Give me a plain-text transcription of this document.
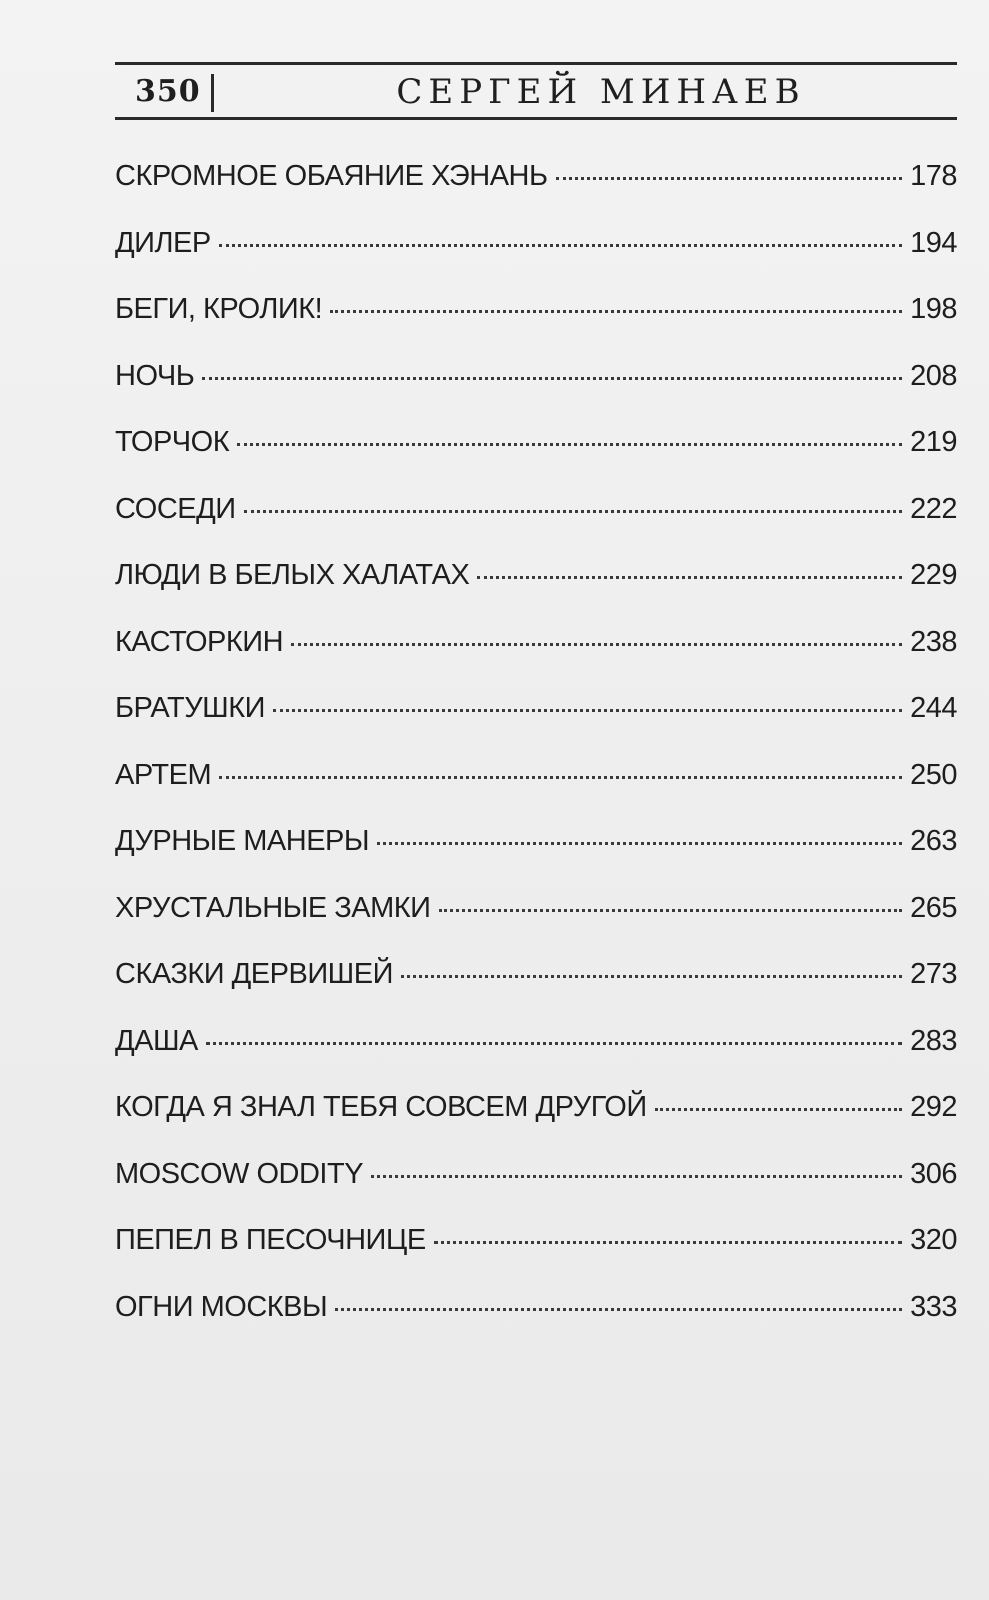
350	СЕРГЕЙ МИНАЕВ
СКРОМНОЕ ОБАЯНИЕ ХЭНАНЬ	178
ДИЛЕР	194
БЕГИ, КРОЛИК!	198
НОЧЬ	208
ТОРЧОК	219
СОСЕДИ	222
ЛЮДИ В БЕЛЫХ ХАЛАТАХ	229
КАСТОРКИН	238
БРАТУШКИ	244
АРТЕМ	250
ДУРНЫЕ МАНЕРЫ	263
ХРУСТАЛЬНЫЕ ЗАМКИ	265
СКАЗКИ ДЕРВИШЕЙ	273
ДАША	283
КОГДА Я ЗНАЛ ТЕБЯ СОВСЕМ ДРУГОЙ	292
MOSCOW ODDITY	306
ПЕПЕЛ В ПЕСОЧНИЦЕ	320
ОГНИ МОСКВЫ	333
